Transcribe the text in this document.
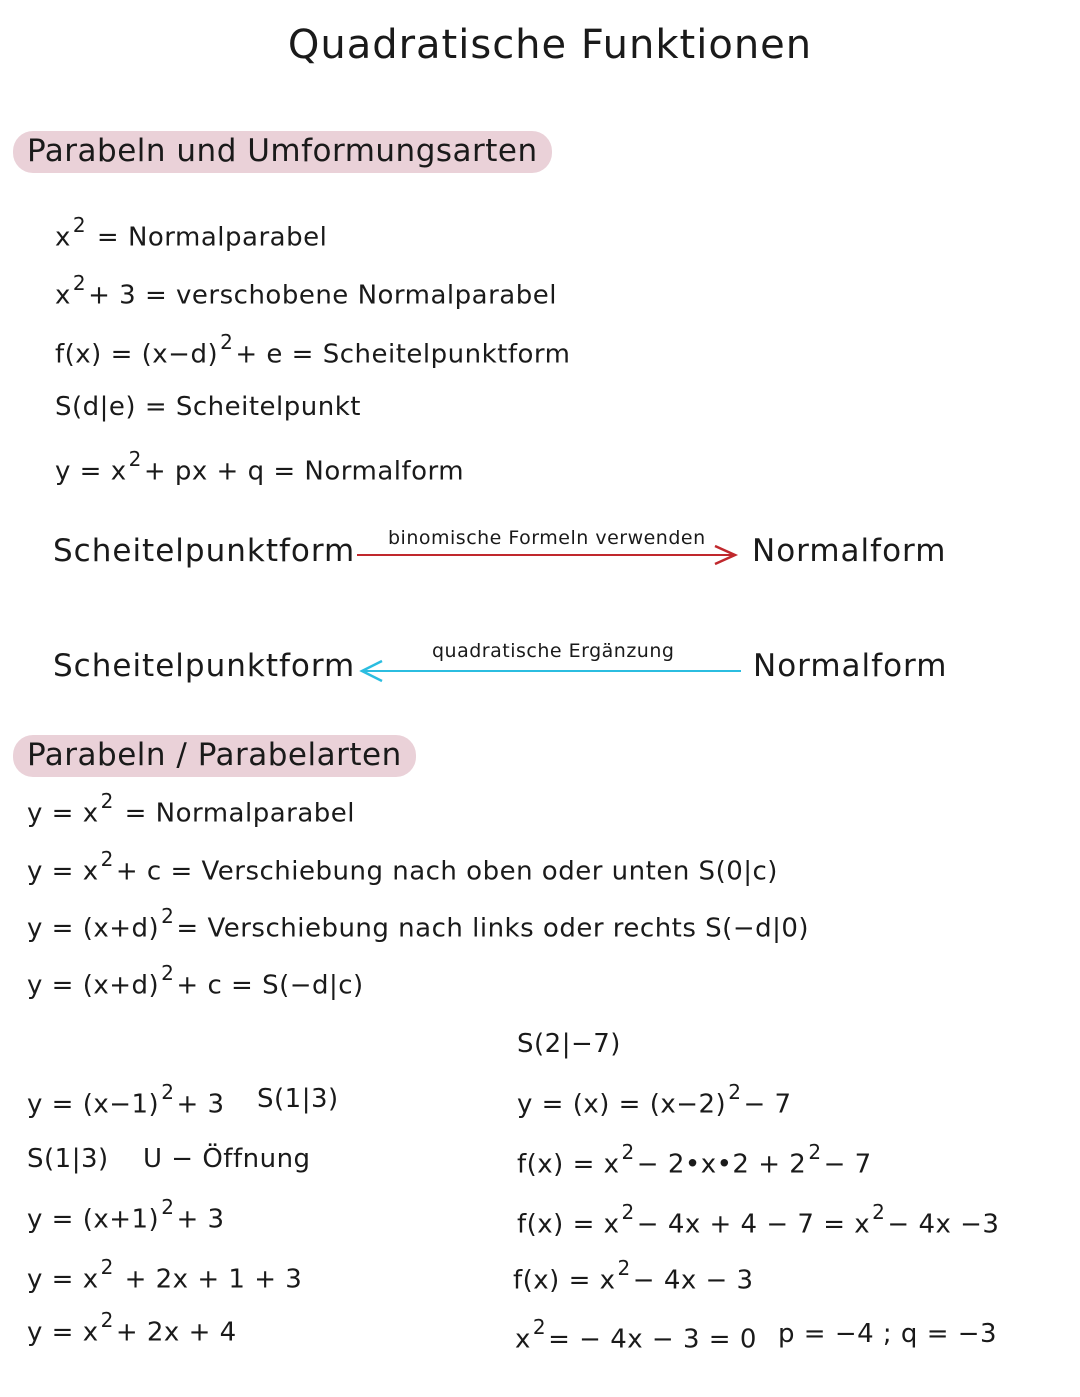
Quadratische Funktionen
Parabeln und Umformungsarten
x $^2$ = Normalparabel
x $^2$+ 3 = verschobene Normalparabel
f(x) = (x−d) $^2$+ e = Scheitelpunktform
S(d|e) = Scheitelpunkt
y = x $^2$+ px + q = Normalform
Scheitelpunktform binomische Formeln verwenden Normalform
Scheitelpunktform	quadratische Ergänzung	Normalform
Parabeln / Parabelarten
y = x $^2$ = Normalparabel
y = x $^2$+ c = Verschiebung nach oben oder unten S(0|c)
y = (x+d) $^2$= Verschiebung nach links oder rechts S(−d|0)
y = (x+d) $^2$+ c = S(−d|c)
y = (x−1) $^2$+ 3 S(1|3)
S(1|3) U − Öffnung
y = (x+1) $^2$+ 3
y = x $^2$ + 2x + 1 + 3
y = x $^2$+ 2x + 4
S(2|−7)
y = (x) = (x−2) $^2$− 7
f(x) = x $^2$− 2•x•2 + 2 $^2$− 7
f(x) = x $^2$− 4x + 4 − 7 = x $^2$− 4x −3
f(x) = x $^2$− 4x − 3
x $^2$= − 4x − 3 = 0 p = −4 ; q = −3
